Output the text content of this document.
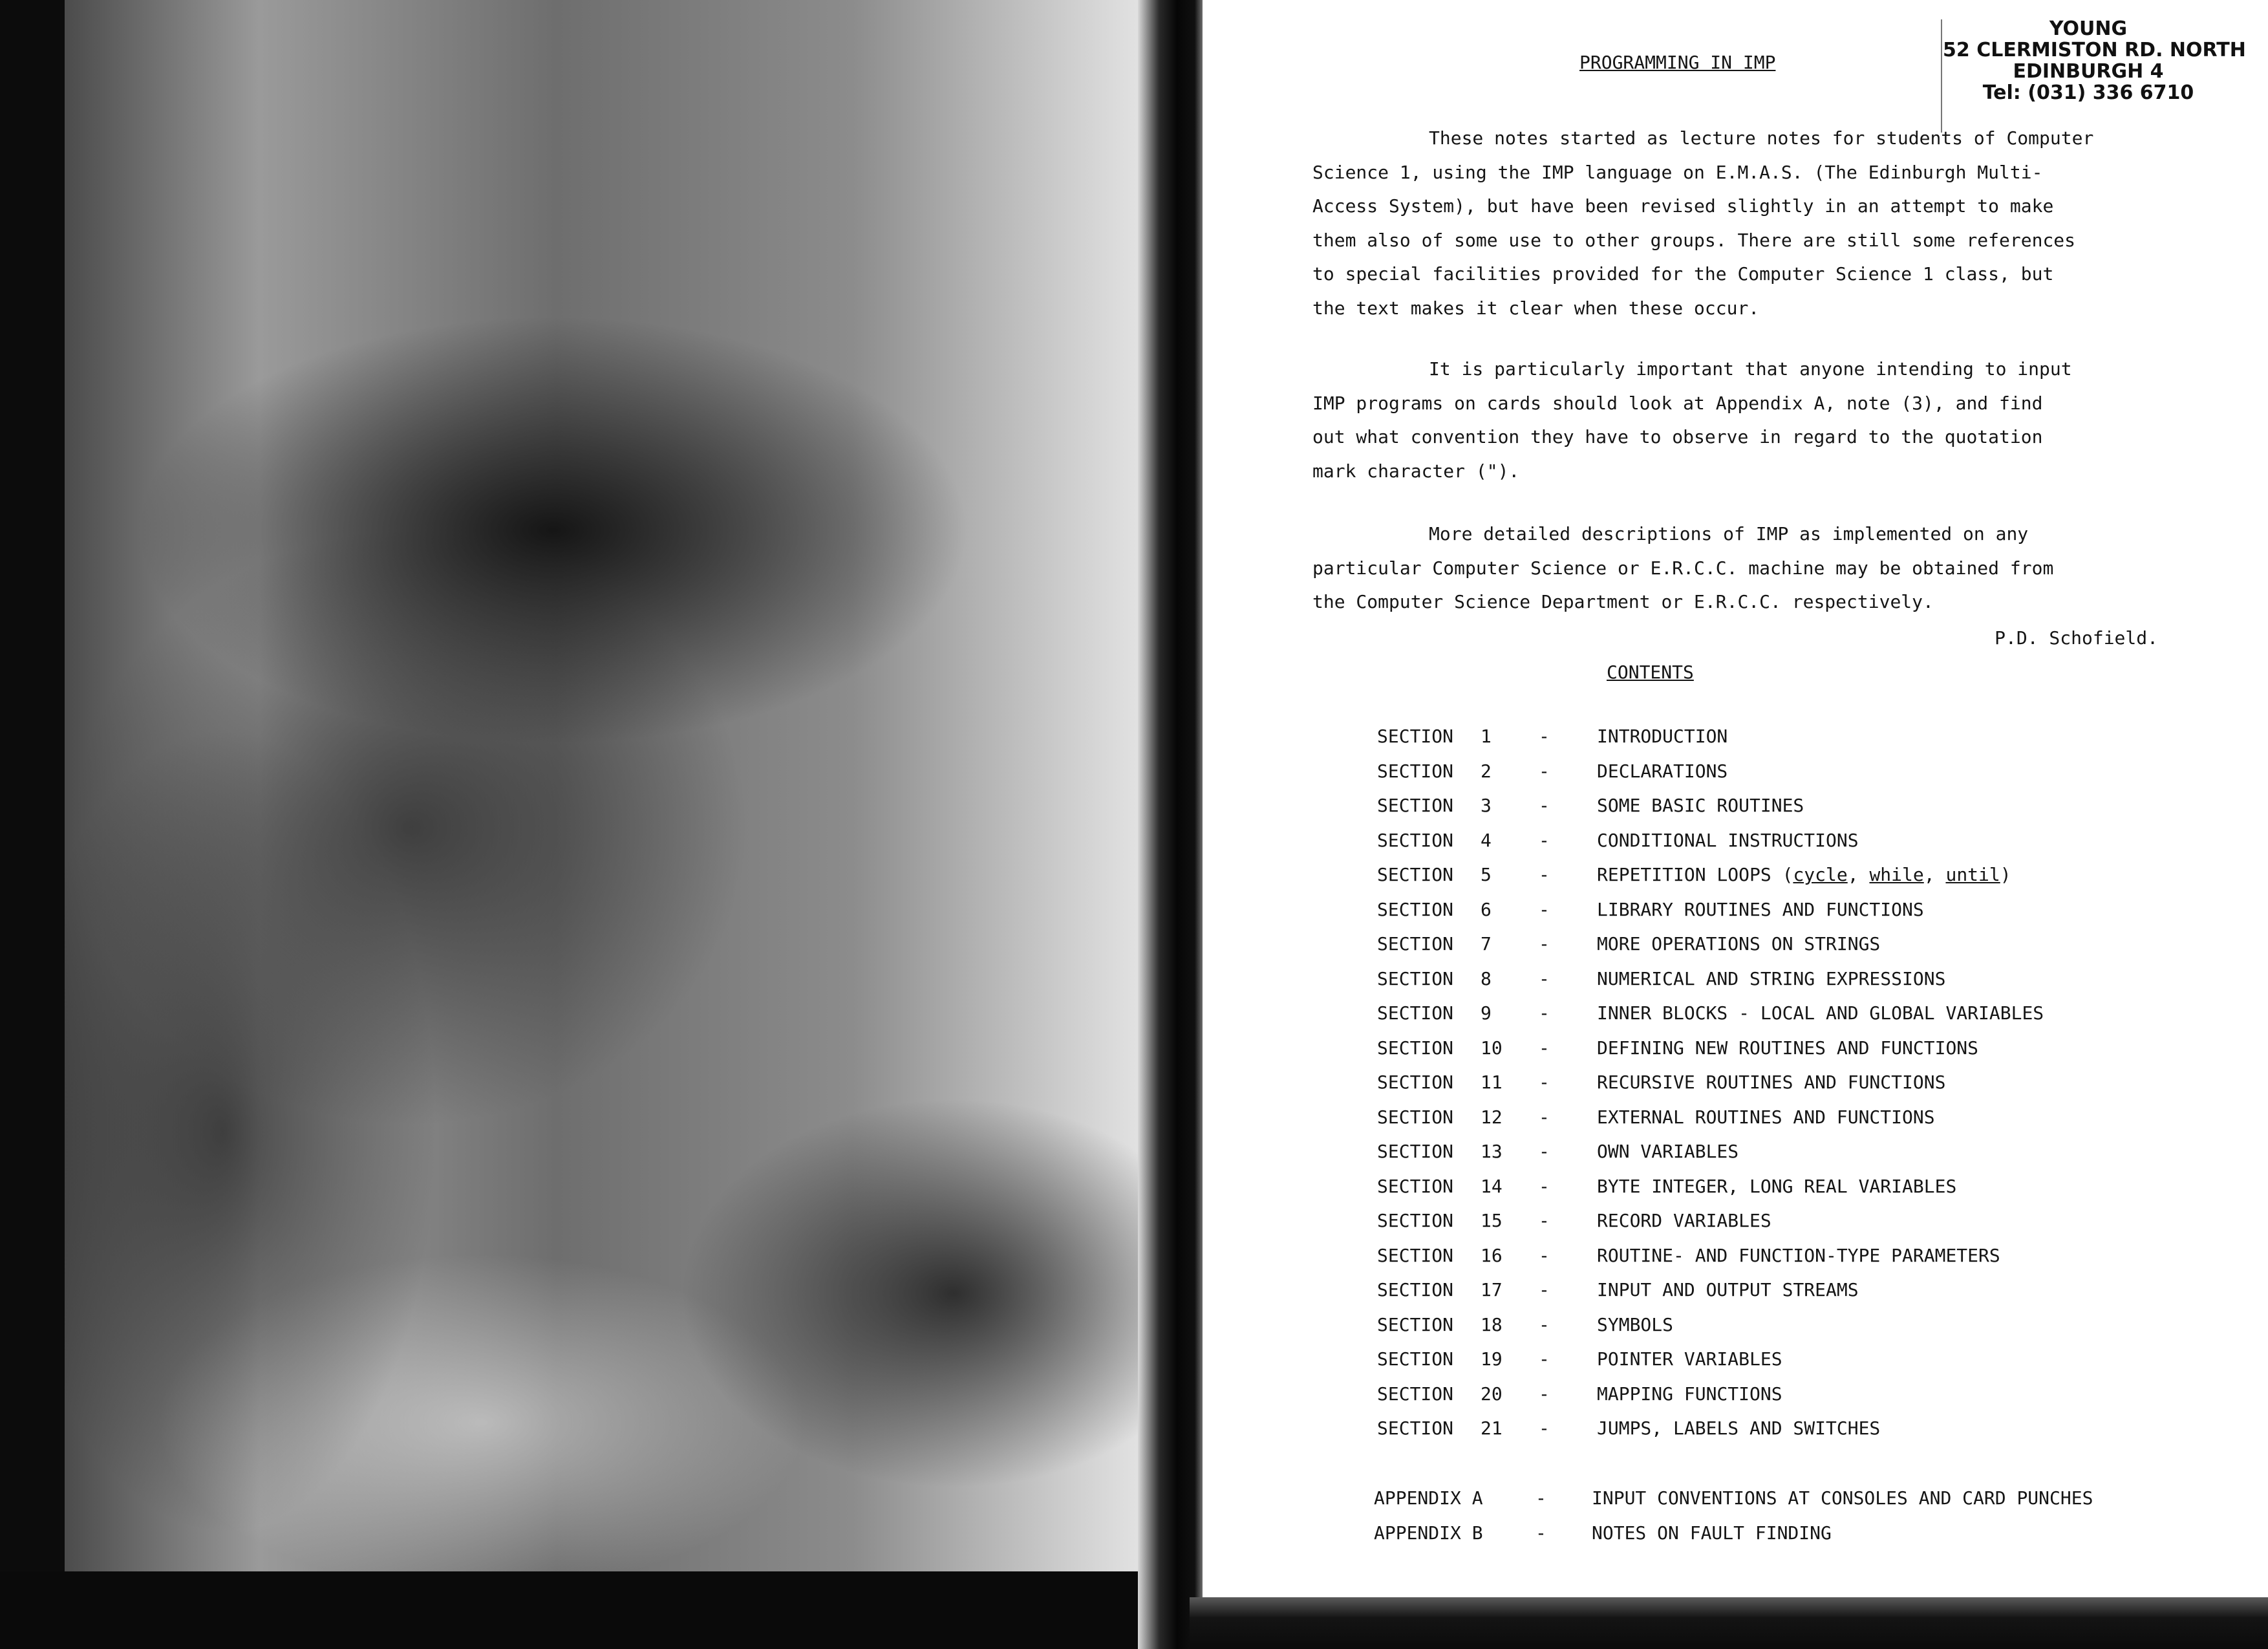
YOUNG
52 CLERMISTON RD. NORTH
EDINBURGH 4
Tel: (031) 336 6710
PROGRAMMING IN IMP
These notes started as lecture notes for students of Computer
Science 1, using the IMP language on E.M.A.S. (The Edinburgh Multi-
Access System), but have been revised slightly in an attempt to make
them also of some use to other groups. There are still some references
to special facilities provided for the Computer Science 1 class, but
the text makes it clear when these occur.
It is particularly important that anyone intending to input
IMP programs on cards should look at Appendix A, note (3), and find
out what convention they have to observe in regard to the quotation
mark character (").
More detailed descriptions of IMP as implemented on any
particular Computer Science or E.R.C.C. machine may be obtained from
the Computer Science Department or E.R.C.C. respectively.
P.D. Schofield.
CONTENTS
SECTION 1	-	INTRODUCTION
SECTION 2	-	DECLARATIONS
SECTION 3	-	SOME BASIC ROUTINES
SECTION 4	-	CONDITIONAL INSTRUCTIONS
SECTION 5	-	REPETITION LOOPS (cycle, while, until)
SECTION 6	-	LIBRARY ROUTINES AND FUNCTIONS
SECTION 7	-	MORE OPERATIONS ON STRINGS
SECTION 8	-	NUMERICAL AND STRING EXPRESSIONS
SECTION 9	-	INNER BLOCKS - LOCAL AND GLOBAL VARIABLES
SECTION 10 -	DEFINING NEW ROUTINES AND FUNCTIONS
SECTION 11 -	RECURSIVE ROUTINES AND FUNCTIONS
SECTION 12 -	EXTERNAL ROUTINES AND FUNCTIONS
SECTION 13 -	OWN VARIABLES
SECTION 14 -	BYTE INTEGER, LONG REAL VARIABLES
SECTION 15 -	RECORD VARIABLES
SECTION 16 -	ROUTINE- AND FUNCTION-TYPE PARAMETERS
SECTION 17 -	INPUT AND OUTPUT STREAMS
SECTION 18 -	SYMBOLS
SECTION 19 -	POINTER VARIABLES
SECTION 20 -	MAPPING FUNCTIONS
SECTION 21 -	JUMPS, LABELS AND SWITCHES
APPENDIX A	-	INPUT CONVENTIONS AT CONSOLES AND CARD PUNCHES
APPENDIX B	-	NOTES ON FAULT FINDING
